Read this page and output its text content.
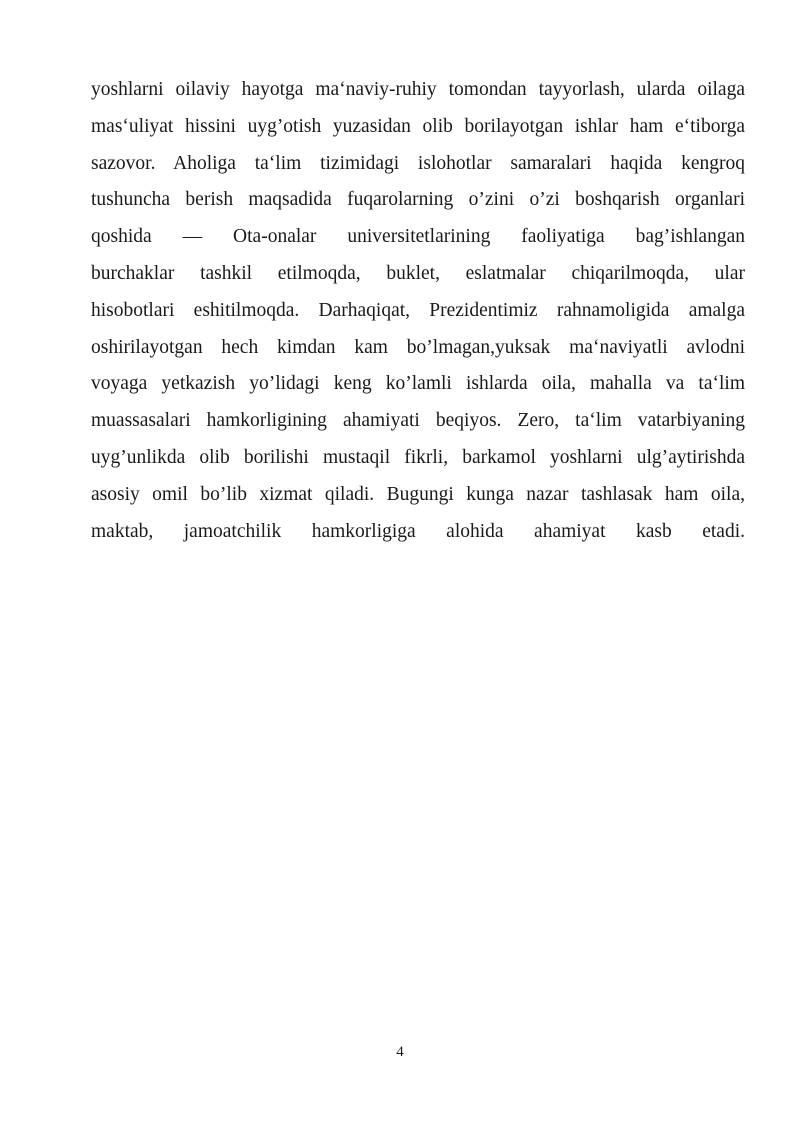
yoshlarni oilaviy hayotga ma‘naviy-ruhiy tomondan tayyorlash, ularda oilaga
mas‘uliyat hissini uyg’otish yuzasidan olib borilayotgan ishlar ham e‘tiborga
sazovor. Aholiga ta‘lim tizimidagi islohotlar samaralari haqida kengroq
tushuncha berish maqsadida fuqarolarning o’zini o’zi boshqarish organlari
qoshida — Ota-onalar universitetlarining faoliyatiga bag’ishlangan
burchaklar tashkil etilmoqda, buklet, eslatmalar chiqarilmoqda, ular
hisobotlari eshitilmoqda. Darhaqiqat, Prezidentimiz rahnamoligida amalga
oshirilayotgan hech kimdan kam bo’lmagan,yuksak ma‘naviyatli avlodni
voyaga yetkazish yo’lidagi keng ko’lamli ishlarda oila, mahalla va ta‘lim
muassasalari hamkorligining ahamiyati beqiyos. Zero, ta‘lim vatarbiyaning
uyg’unlikda olib borilishi mustaqil fikrli, barkamol yoshlarni ulg’aytirishda
asosiy omil bo’lib xizmat qiladi. Bugungi kunga nazar tashlasak ham oila,
maktab, jamoatchilik hamkorligiga alohida ahamiyat kasb etadi.
4
